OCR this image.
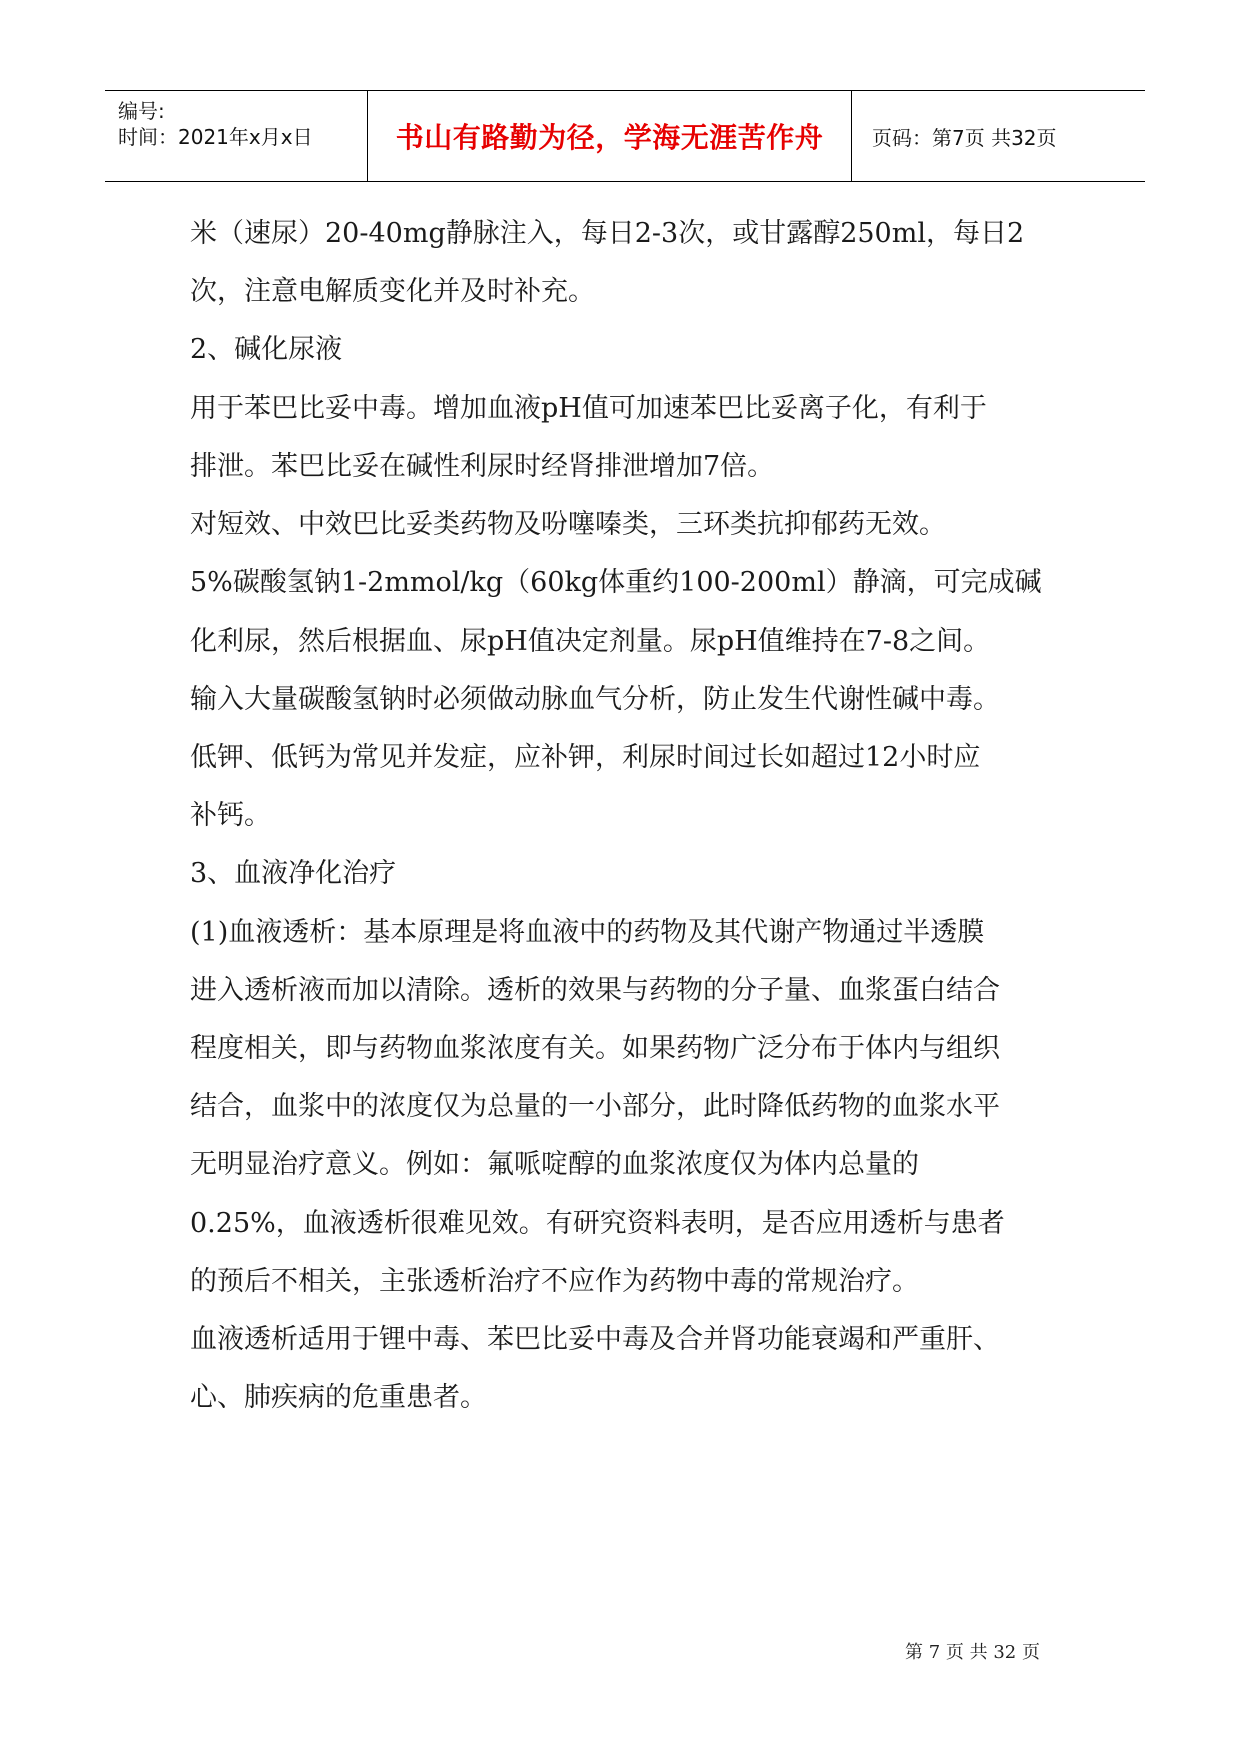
编号:
时间：2021年x月x日	书山有路勤为径，学海无涯苦作舟 页码：第7页 共32页
米（速尿）20-40mg静脉注入，每日2-3次，或甘露醇250ml，每日2
次，注意电解质变化并及时补充。
2、碱化尿液
用于苯巴比妥中毒。增加血液pH值可加速苯巴比妥离子化，有利于
排泄。苯巴比妥在碱性利尿时经肾排泄增加7倍。
对短效、中效巴比妥类药物及吩噻嗪类，三环类抗抑郁药无效。
5%碳酸氢钠1-2mmol/kg（60kg体重约100-200ml）静滴，可完成碱
化利尿，然后根据血、尿pH值决定剂量。尿pH值维持在7-8之间。
输入大量碳酸氢钠时必须做动脉血气分析，防止发生代谢性碱中毒。
低钾、低钙为常见并发症，应补钾，利尿时间过长如超过12小时应
补钙。
3、血液净化治疗
(1)血液透析：基本原理是将血液中的药物及其代谢产物通过半透膜
进入透析液而加以清除。透析的效果与药物的分子量、血浆蛋白结合
程度相关，即与药物血浆浓度有关。如果药物广泛分布于体内与组织
结合，血浆中的浓度仅为总量的一小部分，此时降低药物的血浆水平
无明显治疗意义。例如：氟哌啶醇的血浆浓度仅为体内总量的
0.25%，血液透析很难见效。有研究资料表明，是否应用透析与患者
的预后不相关，主张透析治疗不应作为药物中毒的常规治疗。
血液透析适用于锂中毒、苯巴比妥中毒及合并肾功能衰竭和严重肝、
心、肺疾病的危重患者。
第 7 页 共 32 页
